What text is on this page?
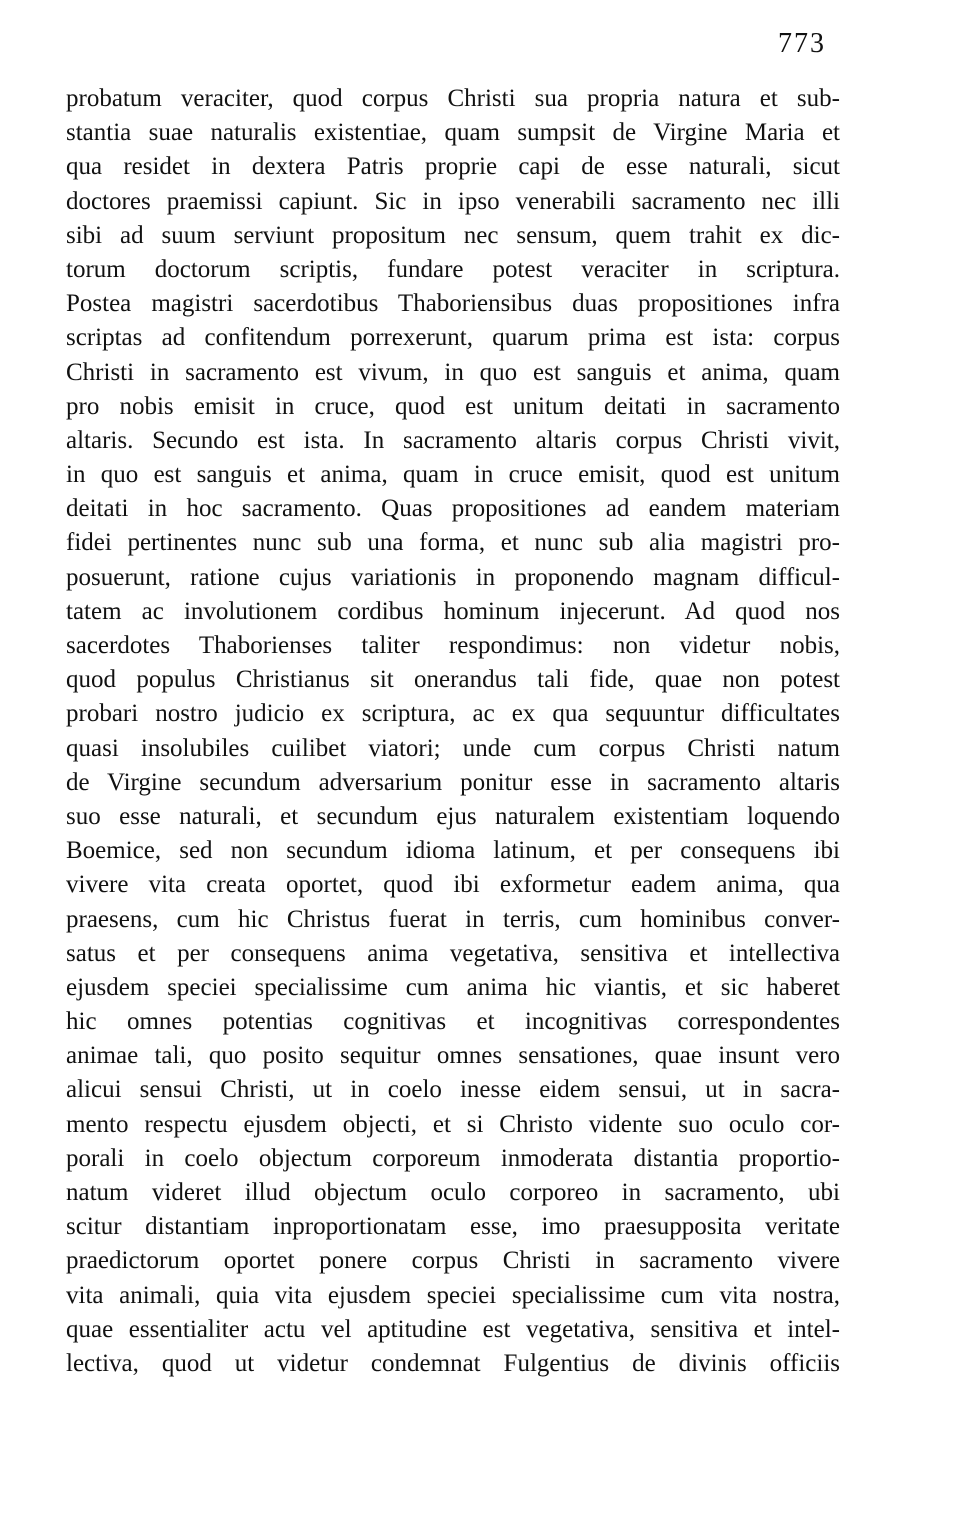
773
probatum veraciter, quod corpus Christi sua propria natura et sub-
stantia suae naturalis existentiae, quam sumpsit de Virgine Maria et
qua residet in dextera Patris proprie capi de esse naturali, sicut
doctores praemissi capiunt. Sic in ipso venerabili sacramento nec illi
sibi ad suum serviunt propositum nec sensum, quem trahit ex dic-
torum doctorum scriptis, fundare potest veraciter in scriptura.
Postea magistri sacerdotibus Thaboriensibus duas propositiones infra
scriptas ad confitendum porrexerunt, quarum prima est ista: corpus
Christi in sacramento est vivum, in quo est sanguis et anima, quam
pro nobis emisit in cruce, quod est unitum deitati in sacramento
altaris. Secundo est ista. In sacramento altaris corpus Christi vivit,
in quo est sanguis et anima, quam in cruce emisit, quod est unitum
deitati in hoc sacramento. Quas propositiones ad eandem materiam
fidei pertinentes nunc sub una forma, et nunc sub alia magistri pro-
posuerunt, ratione cujus variationis in proponendo magnam difficul-
tatem ac involutionem cordibus hominum injecerunt. Ad quod nos
sacerdotes Thaborienses taliter respondimus: non videtur nobis,
quod populus Christianus sit onerandus tali fide, quae non potest
probari nostro judicio ex scriptura, ac ex qua sequuntur difficultates
quasi insolubiles cuilibet viatori; unde cum corpus Christi natum
de Virgine secundum adversarium ponitur esse in sacramento altaris
suo esse naturali, et secundum ejus naturalem existentiam loquendo
Boemice, sed non secundum idioma latinum, et per consequens ibi
vivere vita creata oportet, quod ibi exformetur eadem anima, qua
praesens, cum hic Christus fuerat in terris, cum hominibus conver-
satus et per consequens anima vegetativa, sensitiva et intellectiva
ejusdem speciei specialissime cum anima hic viantis, et sic haberet
hic omnes potentias cognitivas et incognitivas correspondentes
animae tali, quo posito sequitur omnes sensationes, quae insunt vero
alicui sensui Christi, ut in coelo inesse eidem sensui, ut in sacra-
mento respectu ejusdem objecti, et si Christo vidente suo oculo cor-
porali in coelo objectum corporeum inmoderata distantia proportio-
natum videret illud objectum oculo corporeo in sacramento, ubi
scitur distantiam inproportionatam esse, imo praesupposita veritate
praedictorum oportet ponere corpus Christi in sacramento vivere
vita animali, quia vita ejusdem speciei specialissime cum vita nostra,
quae essentialiter actu vel aptitudine est vegetativa, sensitiva et intel-
lectiva, quod ut videtur condemnat Fulgentius de divinis officiis
